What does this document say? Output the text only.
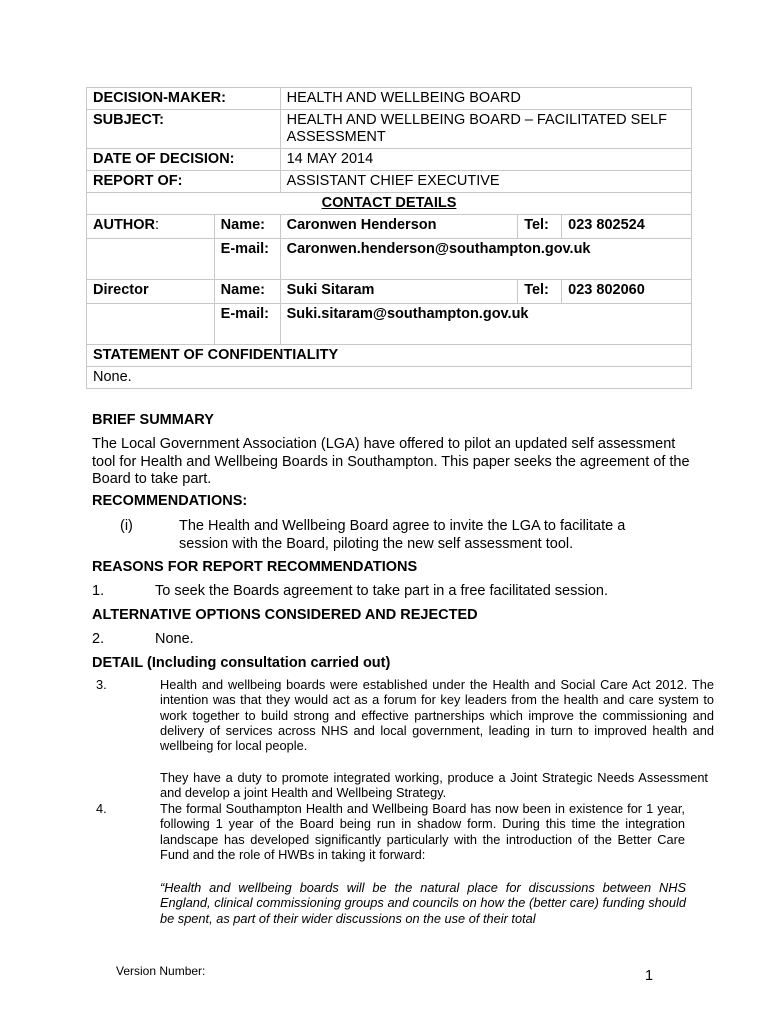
DECISION-MAKER:		HEALTH AND WELLBEING BOARD		
SUBJECT:		HEALTH AND WELLBEING BOARD – FACILITATED SELF ASSESSMENT		
DATE OF DECISION:		14 MAY 2014		
REPORT OF:		ASSISTANT CHIEF EXECUTIVE		
CONTACT DETAILS				
AUTHOR:	Name:	Caronwen Henderson	Tel:	023 802524
	E-mail:	Caronwen.henderson@southampton.gov.uk		
Director	Name:	Suki Sitaram	Tel:	023 802060
	E-mail:	Suki.sitaram@southampton.gov.uk		
STATEMENT OF CONFIDENTIALITY				
None.				
BRIEF SUMMARY
The Local Government Association (LGA) have offered to pilot an updated self assessment tool for Health and Wellbeing Boards in Southampton. This paper seeks the agreement of the Board to take part.
RECOMMENDATIONS:
(i)	The Health and Wellbeing Board agree to invite the LGA to facilitate a session with the Board, piloting the new self assessment tool.
REASONS FOR REPORT RECOMMENDATIONS
1.	To seek the Boards agreement to take part in a free facilitated session.
ALTERNATIVE OPTIONS CONSIDERED AND REJECTED
2.	None.
DETAIL (Including consultation carried out)
3.	Health and wellbeing boards were established under the Health and Social Care Act 2012. The intention was that they would act as a forum for key leaders from the health and care system to work together to build strong and effective partnerships which improve the commissioning and delivery of services across NHS and local government, leading in turn to improved health and wellbeing for local people.
They have a duty to promote integrated working, produce a Joint Strategic Needs Assessment and develop a joint Health and Wellbeing Strategy.
4.	The formal Southampton Health and Wellbeing Board has now been in existence for 1 year, following 1 year of the Board being run in shadow form. During this time the integration landscape has developed significantly particularly with the introduction of the Better Care Fund and the role of HWBs in taking it forward:
“Health and wellbeing boards will be the natural place for discussions between NHS England, clinical commissioning groups and councils on how the (better care) funding should be spent, as part of their wider discussions on the use of their total
Version Number:	1
